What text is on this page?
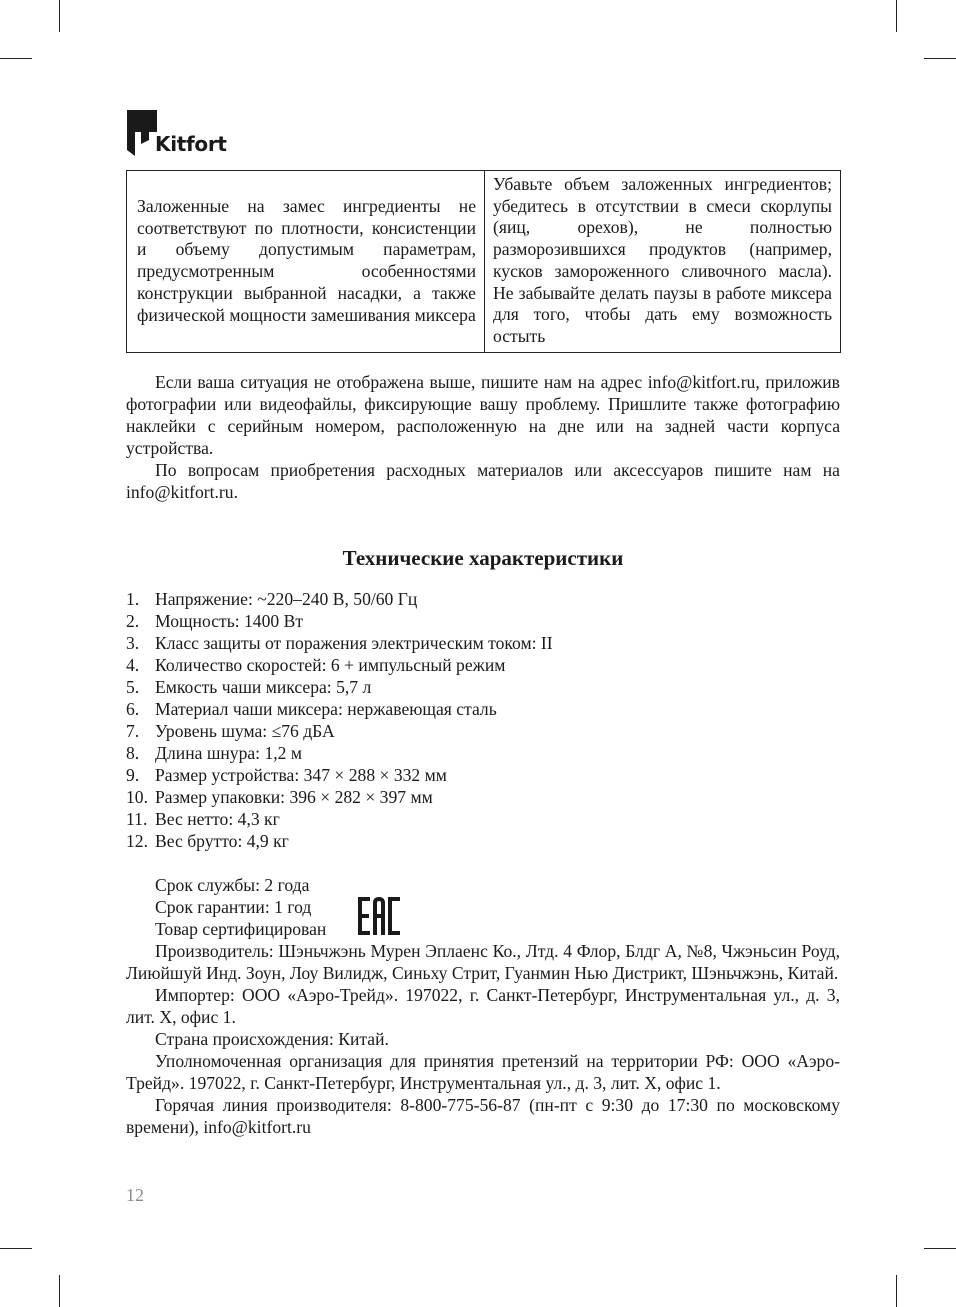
Kitfort
Заложенные на замес ингредиенты не соответствуют по плотности, консистенции и объему допустимым параметрам, предусмотренным особенностями конструкции выбранной насадки, а также физической мощности замешивания миксера	Убавьте объем заложенных ингредиентов; убедитесь в отсутствии в смеси скорлупы (яиц, орехов), не полностью разморозившихся продуктов (например, кусков замороженного сливочного масла). Не забывайте делать паузы в работе миксера для того, чтобы дать ему возможность остыть

Если ваша ситуация не отображена выше, пишите нам на адрес info@kitfort.ru, приложив фотографии или видеофайлы, фиксирующие вашу проблему. Пришлите также фотографию наклейки с серийным номером, расположенную на дне или на задней части корпуса устройства.

По вопросам приобретения расходных материалов или аксессуаров пишите нам на info@kitfort.ru.

Технические характеристики
1. Напряжение: ~220–240 В, 50/60 Гц
2. Мощность: 1400 Вт
3. Класс защиты от поражения электрическим током: II
4. Количество скоростей: 6 + импульсный режим
5. Емкость чаши миксера: 5,7 л
6. Материал чаши миксера: нержавеющая сталь
7. Уровень шума: ≤76 дБА
8. Длина шнура: 1,2 м
9. Размер устройства: 347 × 288 × 332 мм
10. Размер упаковки: 396 × 282 × 397 мм
11. Вес нетто: 4,3 кг
12. Вес брутто: 4,9 кг
Срок службы: 2 года
Срок гарантии: 1 год
Товар сертифицирован

Производитель: Шэньчжэнь Мурен Эплаенс Ко., Лтд. 4 Флор, Блдг А, №8, Чжэньсин Роуд, Лиюйшуй Инд. Зоун, Лоу Вилидж, Синьху Стрит, Гуанмин Нью Дистрикт, Шэньчжэнь, Китай.

Импортер: ООО «Аэро-Трейд». 197022, г. Санкт-Петербург, Инструментальная ул., д. 3, лит. Х, офис 1.

Страна происхождения: Китай.

Уполномоченная организация для принятия претензий на территории РФ: ООО «Аэро-Трейд». 197022, г. Санкт-Петербург, Инструментальная ул., д. 3, лит. Х, офис 1.

Горячая линия производителя: 8-800-775-56-87 (пн-пт с 9:30 до 17:30 по московскому времени), info@kitfort.ru

12
